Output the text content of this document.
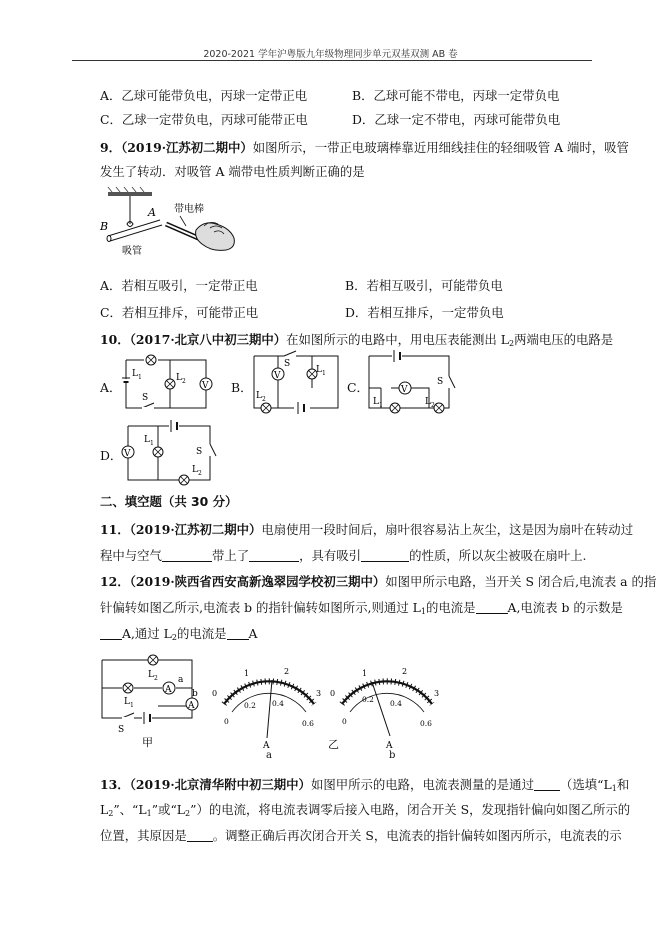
2020-2021 学年沪粤版九年级物理同步单元双基双测 AB 卷
A．乙球可能带负电，丙球一定带正电	B．乙球可能不带电，丙球一定带负电
C．乙球一定带负电，丙球可能带正电	D．乙球一定不带电，丙球可能带负电
9．（2019·江苏初二期中）如图所示，一带正电玻璃棒靠近用细线挂住的轻细吸管 A 端时，吸管
发生了转动．对吸管 A 端带电性质判断正确的是
B
A
吸管
带电棒
A．若相互吸引，一定带正电	B．若相互吸引，可能带负电
C．若相互排斥，可能带正电	D．若相互排斥，一定带负电
10．（2017·北京八中初三期中）在如图所示的电路中，用电压表能测出 $L_2$两端电压的电路是
A．	V
S
L 1	L 2	B．
S
V
L 1
L 2
C．	V
S
L 1	L 2
D． V	S
L 1
L 2
二、填空题（共 30 分）
11．（2019·江苏初二期中）电扇使用一段时间后，扇叶很容易沾上灰尘，这是因为扇叶在转动过
程中与空气	带上了	，具有吸引	的性质，所以灰尘被吸在扇叶上.
12．（2019·陕西省西安高新逸翠园学校初三期中）如图甲所示电路，当开关 S 闭合后,电流表 a 的指
针偏转如图乙所示,电流表 b 的指针偏转如图所示,则通过 $L_1$的电流是	A,电流表 b 的示数是
A,通过 $L_2$的电流是 A
A
A
L 2
L 1
a
b
S
甲
0
1	2
3
0
0.2 0.4
0.6
A
a
0
1	2
3
0
0.2 0.4
0.6
A
b
乙
13．（2019·北京清华附中初三期中）如图甲所示的电路，电流表测量的是通过 （选填“$L_1$和
$L_2$”、“$L_1$”或“$L_2$”）的电流，将电流表调零后接入电路，闭合开关 S，发现指针偏向如图乙所示的
位置，其原因是 。调整正确后再次闭合开关 S，电流表的指针偏转如图丙所示，电流表的示
